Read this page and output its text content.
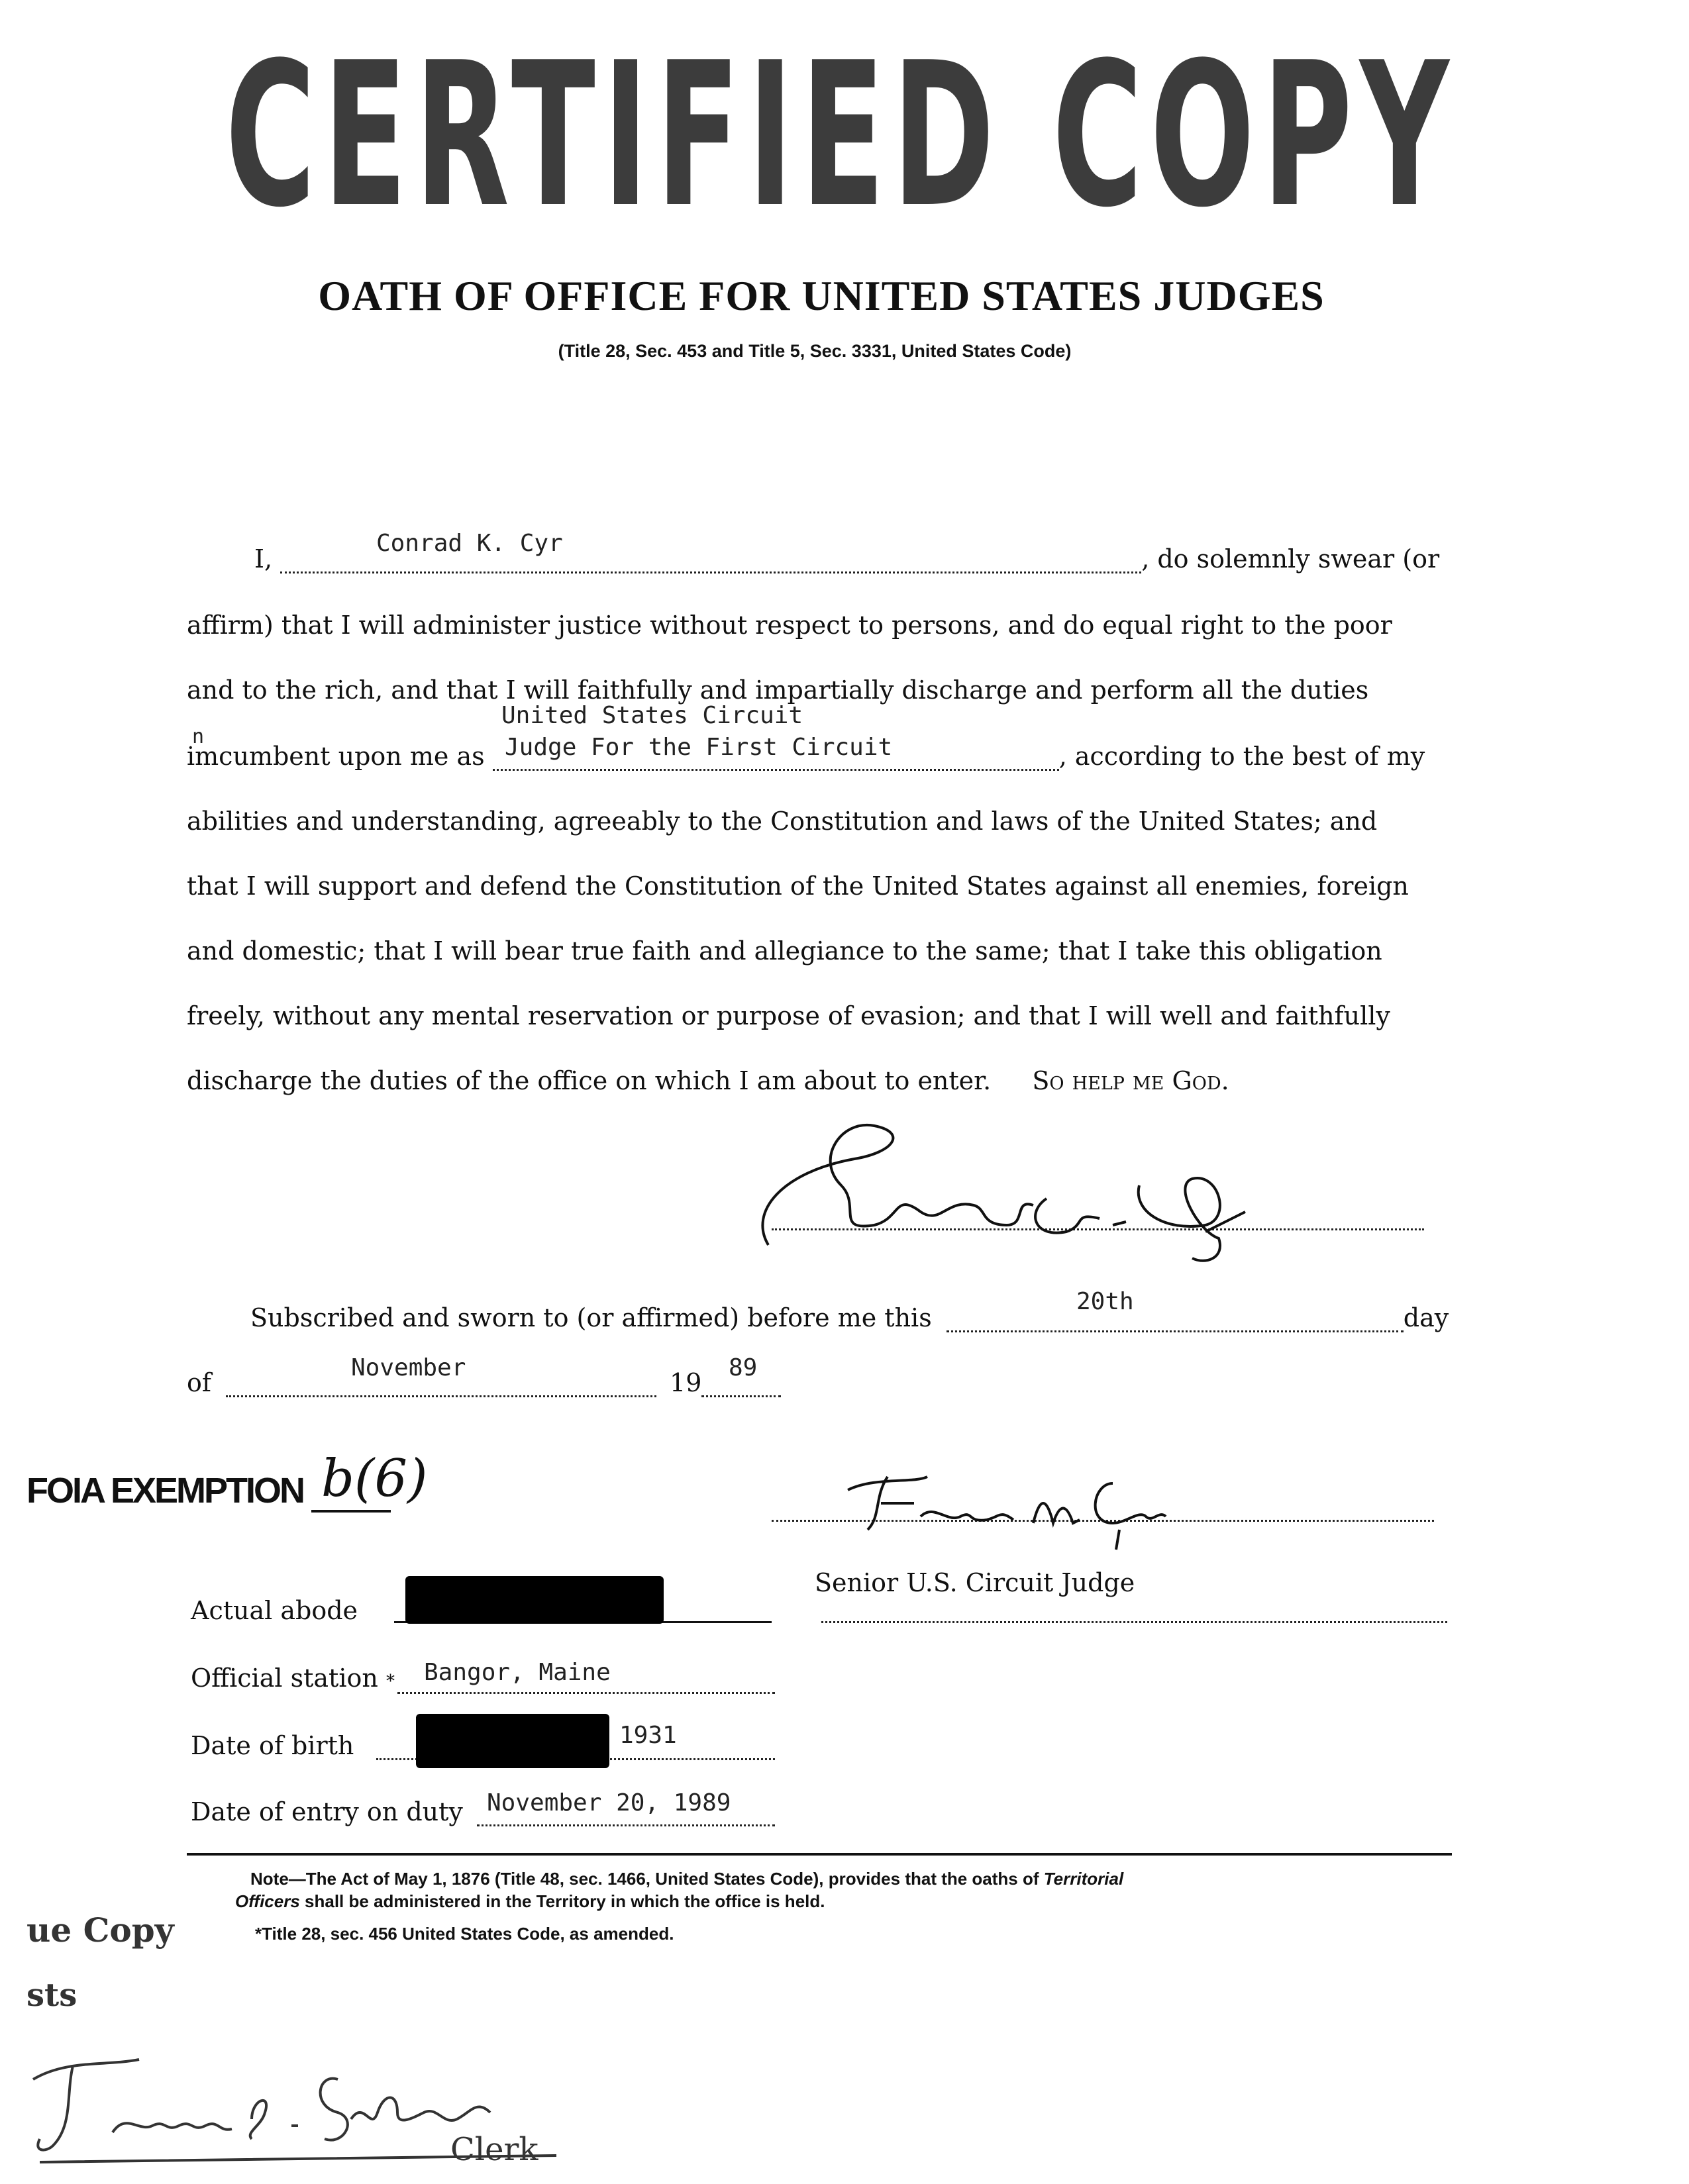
CERTIFIED COPY
OATH OF OFFICE FOR UNITED STATES JUDGES
(Title 28, Sec. 453 and Title 5, Sec. 3331, United States Code)
I,	, do solemnly swear (or
Conrad K. Cyr
affirm) that I will administer justice without respect to persons, and do equal right to the poor
and to the rich, and that I will faithfully and impartially discharge and perform all the duties
n
United States Circuit
Judge For the First Circuit
imcumbent upon me as	, according to the best of my
abilities and understanding, agreeably to the Constitution and laws of the United States; and
that I will support and defend the Constitution of the United States against all enemies, foreign
and domestic; that I will bear true faith and allegiance to the same; that I take this obligation
freely, without any mental reservation or purpose of evasion; and that I will well and faithfully
discharge the duties of the office on which I am about to enter. So help me God.
Subscribed and sworn to (or affirmed) before me this	day
20th
of	19
November	89
FOIA EXEMPTION b(6)
Senior U.S. Circuit Judge
Actual abode
Official station * Bangor, Maine
Date of birth	1931
Date of entry on duty November 20, 1989
Note—The Act of May 1, 1876 (Title 48, sec. 1466, United States Code), provides that the oaths of Territorial
Officers shall be administered in the Territory in which the office is held.
*Title 28, sec. 456 United States Code, as amended.
ue Copy
sts
Clerk
